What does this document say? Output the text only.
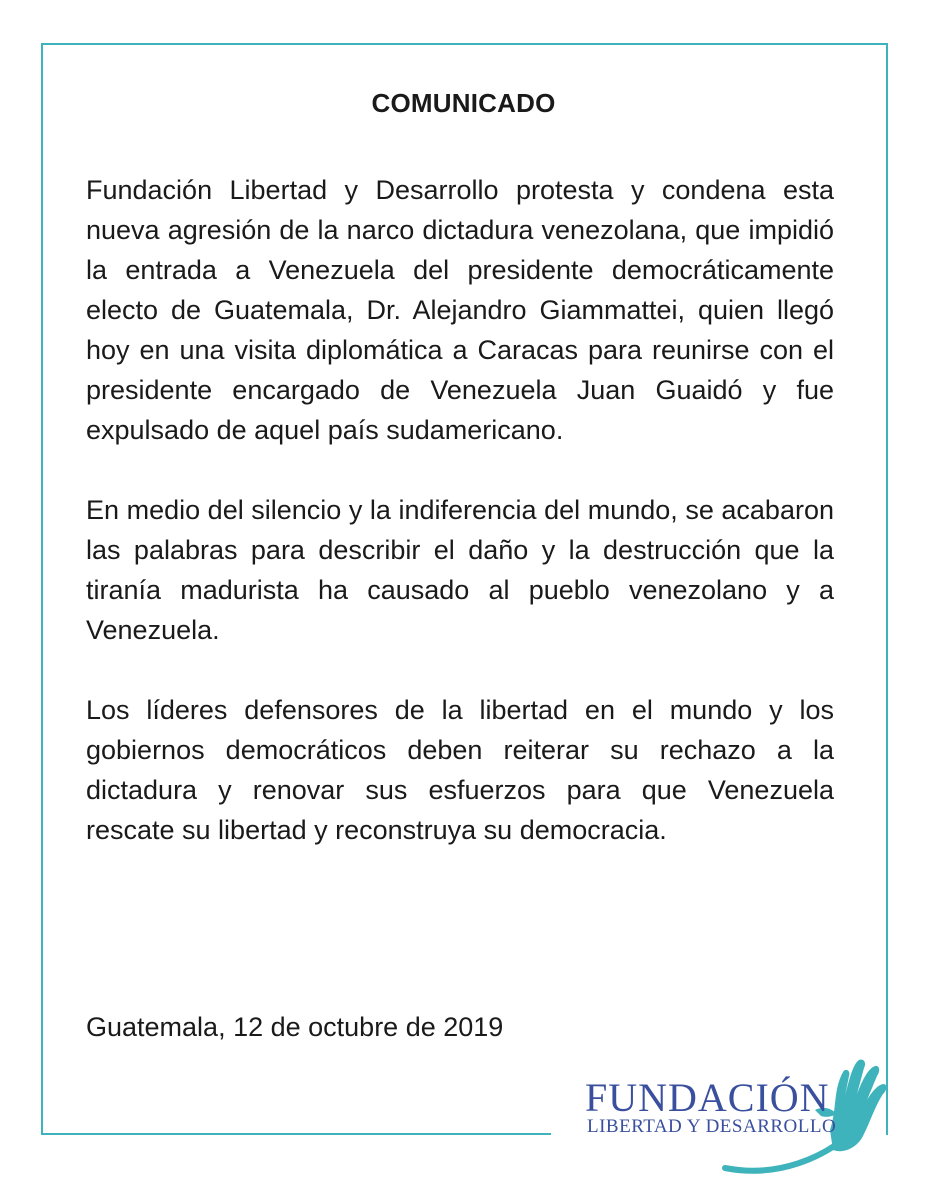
COMUNICADO

Fundación Libertad y Desarrollo protesta y condena esta nueva agresión de la narco dictadura venezolana, que impidió la entrada a Venezuela del presidente democráticamente electo de Guatemala, Dr. Alejandro Giammattei, quien llegó hoy en una visita diplomática a Caracas para reunirse con el presidente encargado de Venezuela Juan Guaidó y fue expulsado de aquel país sudamericano.

En medio del silencio y la indiferencia del mundo, se acabaron las palabras para describir el daño y la destrucción que la tiranía madurista ha causado al pueblo venezolano y a Venezuela.

Los líderes defensores de la libertad en el mundo y los gobiernos democráticos deben reiterar su rechazo a la dictadura y renovar sus esfuerzos para que Venezuela rescate su libertad y reconstruya su democracia.

Guatemala, 12 de octubre de 2019
FUNDACIÓN
LIBERTAD Y DESARROLLO
